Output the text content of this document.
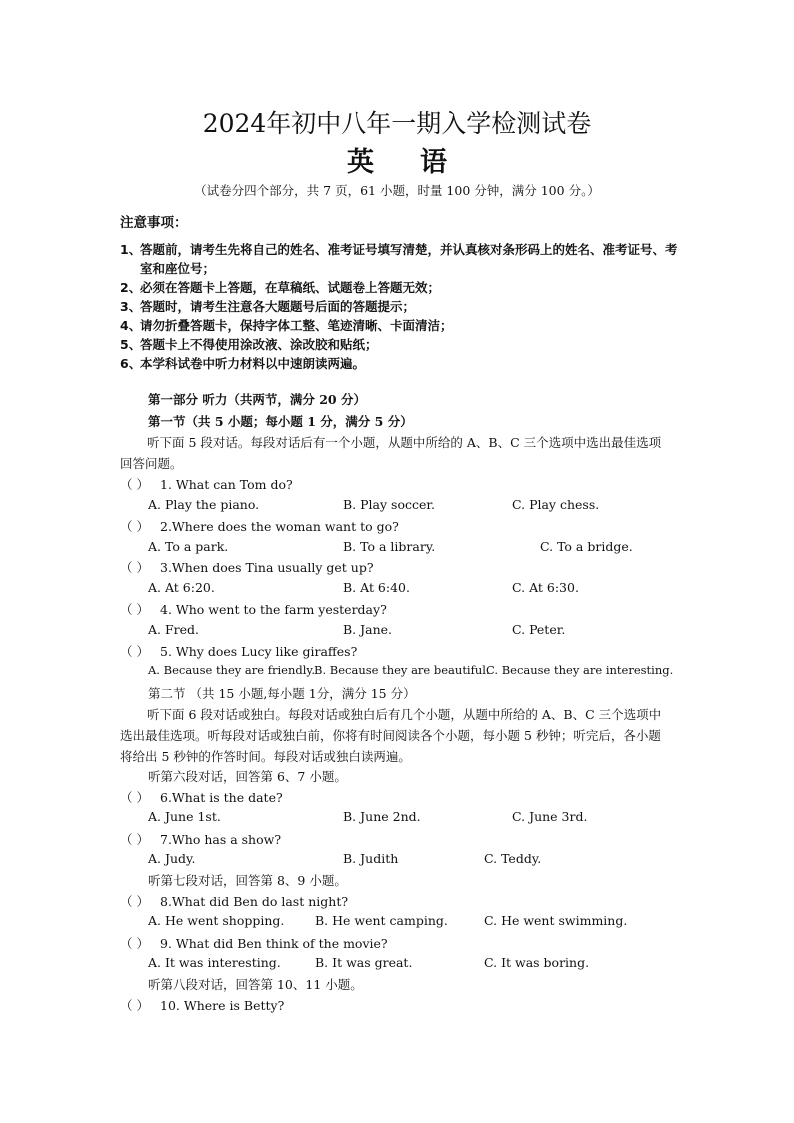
2024年初中八年一期入学检测试卷
英 语
（试卷分四个部分，共 7 页，61 小题，时量 100 分钟，满分 100 分。）
注意事项：
1、
答题前，请考生先将自己的姓名、准考证号填写清楚，并认真核对条形码上的姓名、准考证号、考室和座位号；
2、
必须在答题卡上答题，在草稿纸、试题卷上答题无效；
3、
答题时，请考生注意各大题题号后面的答题提示；
4、
请勿折叠答题卡，保持字体工整、笔迹清晰、卡面清洁；
5、
答题卡上不得使用涂改液、涂改胶和贴纸；
6、
本学科试卷中听力材料以中速朗读两遍。
第一部分 听力（共两节，满分 20 分）
第一节（共 5 小题；每小题 1 分，满分 5 分）
听下面 5 段对话。每段对话后有一个小题，从题中所给的 A、B、C 三个选项中选出最佳选项回答问题。
（ ） 1. What can Tom do?
A. Play the piano.	B. Play soccer.	C. Play chess.
（ ） 2.Where does the woman want to go?
A. To a park.	B. To a library.	C. To a bridge.
（ ） 3.When does Tina usually get up?
A. At 6:20.	B. At 6:40.	C. At 6:30.
（ ） 4. Who went to the farm yesterday?
A. Fred.	B. Jane.	C. Peter.
（ ） 5. Why does Lucy like giraffes?
A. Because they are friendly.
B. Because they are beautiful.
C. Because they are interesting.
第二节 （共 15 小题,每小题 1分，满分 15 分）
听下面 6 段对话或独白。每段对话或独白后有几个小题，从题中所给的 A、B、C 三个选项中选出最佳选项。听每段对话或独白前，你将有时间阅读各个小题，每小题 5 秒钟；听完后，各小题将给出 5 秒钟的作答时间。每段对话或独白读两遍。
听第六段对话，回答第 6、7 小题。
（ ） 6.What is the date?
A. June 1st.	B. June 2nd.	C. June 3rd.
（ ） 7.Who has a show?
A. Judy.	B. Judith	C. Teddy.
听第七段对话，回答第 8、9 小题。
（ ） 8.What did Ben do last night?
A. He went shopping. B. He went camping.	C. He went swimming.
（ ） 9. What did Ben think of the movie?
A. It was interesting.	B. It was great.	C. It was boring.
听第八段对话，回答第 10、11 小题。
（ ） 10. Where is Betty?
